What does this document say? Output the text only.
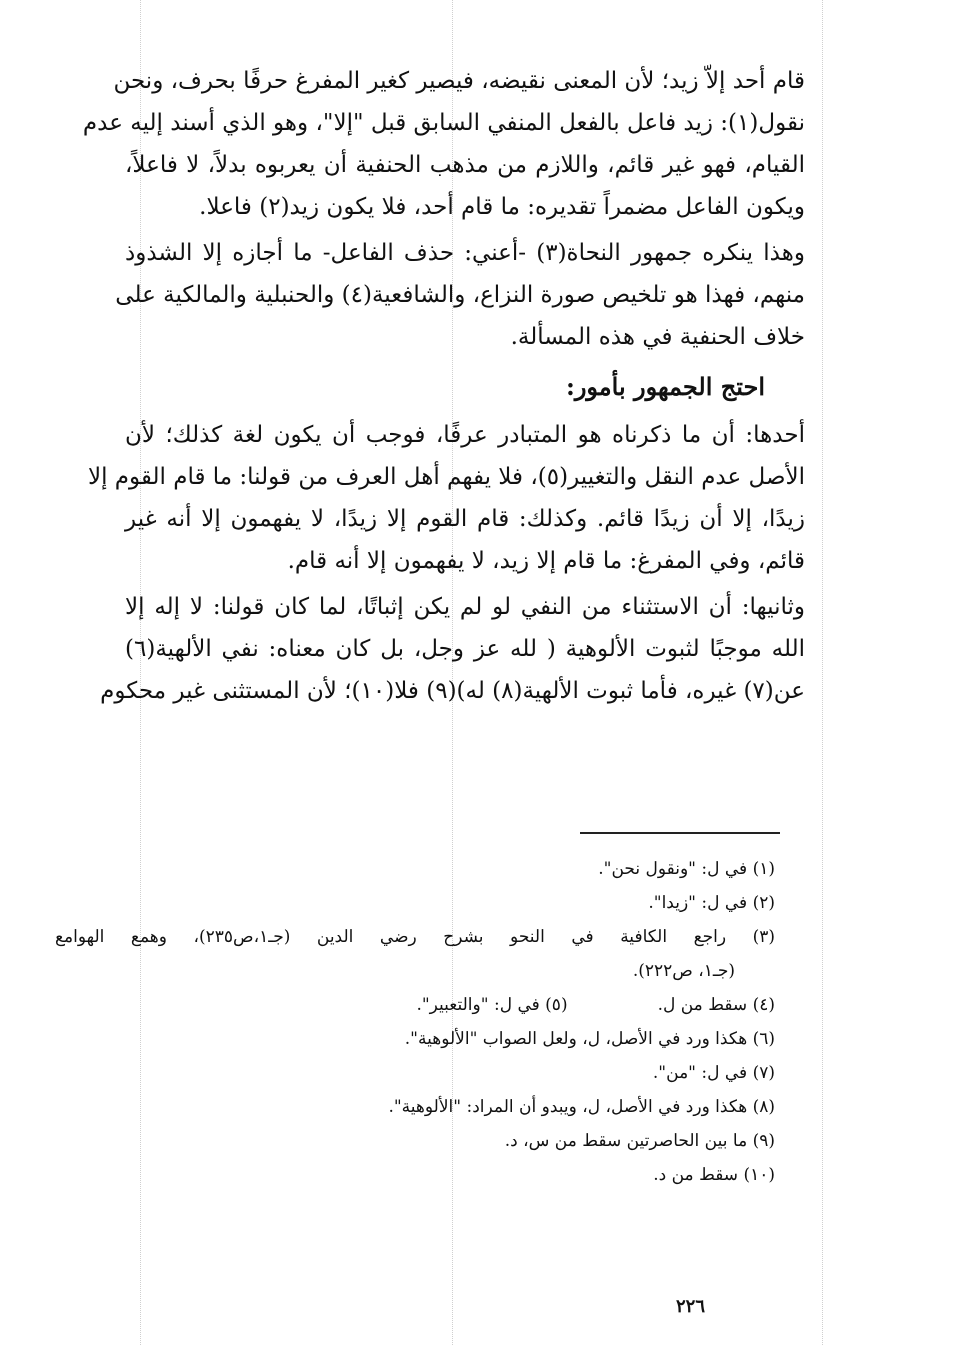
قام أحد إلاّ زيد؛ لأن المعنى نقيضه، فيصير كغير المفرغ حرفًا بحرف، ونحن
نقول(١): زيد فاعل بالفعل المنفي السابق قبل "إلا"، وهو الذي أسند إليه عدم
القيام، فهو غير قائم، واللازم من مذهب الحنفية أن يعربوه بدلاً، لا فاعلاً،
ويكون الفاعل مضمراً تقديره: ما قام أحد، فلا يكون زيد(٢) فاعلا.
وهذا ينكره جمهور النحاة(٣) -أعني: حذف الفاعل- ما أجازه إلا الشذوذ
منهم، فهذا هو تلخيص صورة النزاع، والشافعية(٤) والحنبلية والمالكية على
خلاف الحنفية في هذه المسألة.
احتج الجمهور بأمور:
أحدها: أن ما ذكرناه هو المتبادر عرفًا، فوجب أن يكون لغة كذلك؛ لأن
الأصل عدم النقل والتغيير(٥)، فلا يفهم أهل العرف من قولنا: ما قام القوم إلا
زيدًا، إلا أن زيدًا قائم. وكذلك: قام القوم إلا زيدًا، لا يفهمون إلا أنه غير
قائم، وفي المفرغ: ما قام إلا زيد، لا يفهمون إلا أنه قام.
وثانيها: أن الاستثناء من النفي لو لم يكن إثباتًا، لما كان قولنا: لا إله إلا
الله موجبًا لثبوت الألوهية ( لله عز وجل، بل كان معناه: نفي الألهية(٦)
عن(٧) غيره، فأما ثبوت الألهية(٨) له)(٩) فلا(١٠)؛ لأن المستثنى غير محكوم
(١) في ل: "ونقول نحن".
(٢) في ل: "زيدا".
(٣) راجع الكافية في النحو بشرح رضي الدين (جـ١،ص٢٣٥)، وهمع الهوامع
(جـ١، ص٢٢٢).
(٤) سقط من ل.
(٥) في ل: "والتعبير".
(٦) هكذا ورد في الأصل، ل، ولعل الصواب "الألوهية".
(٧) في ل: "من".
(٨) هكذا ورد في الأصل، ل، ويبدو أن المراد: "الألوهية".
(٩) ما بين الحاصرتين سقط من س، د.
(١٠) سقط من د.
٢٢٦
